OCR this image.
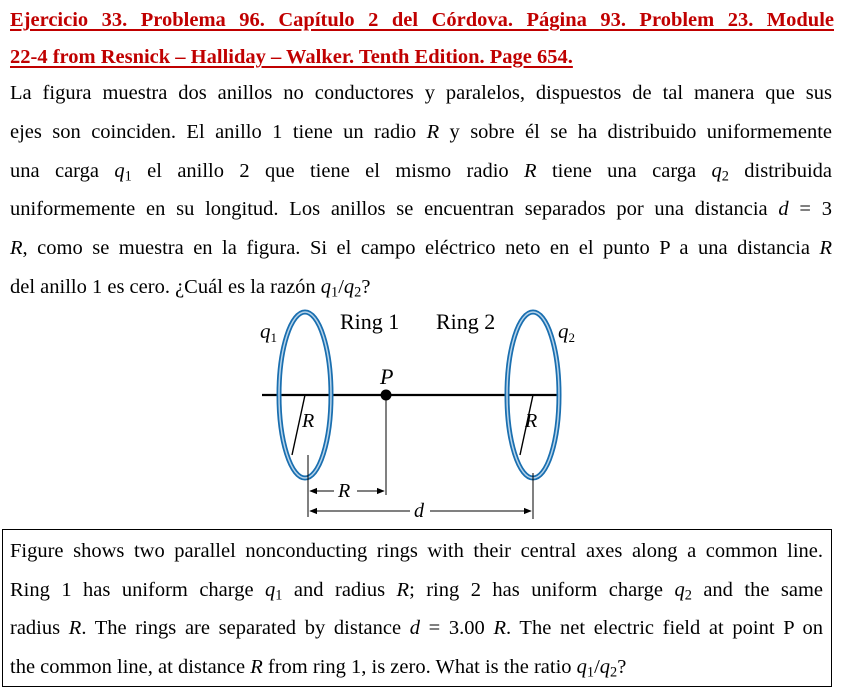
Ejercicio 33. Problema 96. Capítulo 2 del Córdova. Página 93. Problem 23. Module
22-4 from Resnick – Halliday – Walker. Tenth Edition. Page 654.
La figura muestra dos anillos no conductores y paralelos, dispuestos de tal manera que sus
ejes son coinciden. El anillo 1 tiene un radio R y sobre él se ha distribuido uniformemente
una carga $q_1$ el anillo 2 que tiene el mismo radio R tiene una carga $q_2$ distribuida
uniformemente en su longitud. Los anillos se encuentran separados por una distancia d = 3
R, como se muestra en la figura. Si el campo eléctrico neto en el punto P a una distancia R
del anillo 1 es cero. ¿Cuál es la razón $q_1/q_2$?
q1
Ring 1 Ring 2	q2
P
R	R
R
d
Figure shows two parallel nonconducting rings with their central axes along a common line.
Ring 1 has uniform charge $q_1$ and radius R; ring 2 has uniform charge $q_2$ and the same
radius R. The rings are separated by distance d = 3.00 R. The net electric field at point P on
the common line, at distance R from ring 1, is zero. What is the ratio $q_1/q_2$?
